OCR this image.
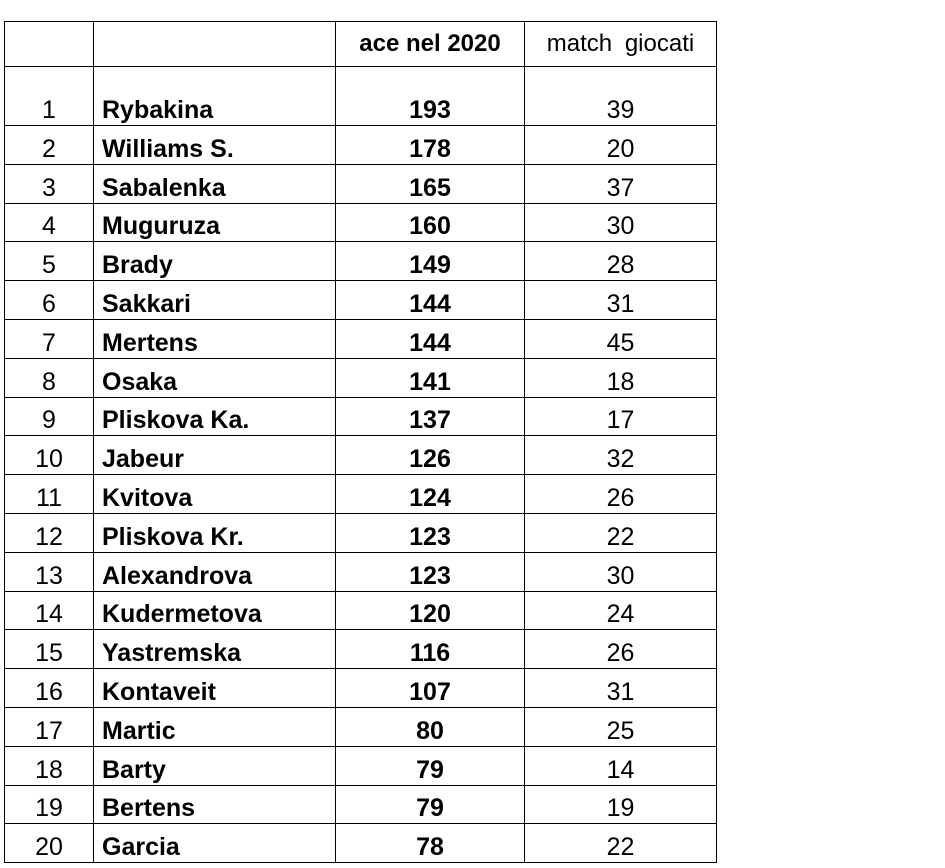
		ace nel 2020	match giocati
1	Rybakina	193	39
2	Williams S.	178	20
3	Sabalenka	165	37
4	Muguruza	160	30
5	Brady	149	28
6	Sakkari	144	31
7	Mertens	144	45
8	Osaka	141	18
9	Pliskova Ka.	137	17
10	Jabeur	126	32
11	Kvitova	124	26
12	Pliskova Kr.	123	22
13	Alexandrova	123	30
14	Kudermetova	120	24
15	Yastremska	116	26
16	Kontaveit	107	31
17	Martic	80	25
18	Barty	79	14
19	Bertens	79	19
20	Garcia	78	22
